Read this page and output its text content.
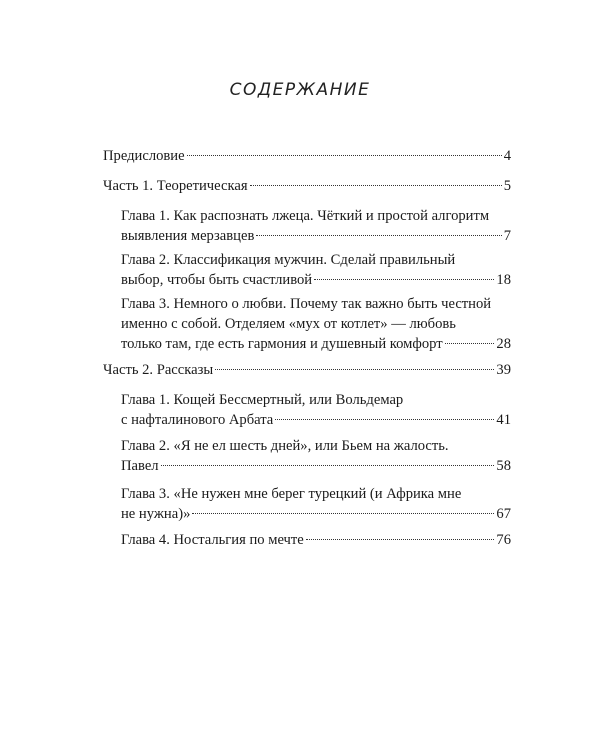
СОДЕРЖАНИЕ
Предисловие	4
Часть 1. Теоретическая	5
Глава 1. Как распознать лжеца. Чёткий и простой алгоритм
выявления мерзавцев	7
Глава 2. Классификация мужчин. Сделай правильный
выбор, чтобы быть счастливой	18
Глава 3. Немного о любви. Почему так важно быть честной
именно с собой. Отделяем «мух от котлет» — любовь
только там, где есть гармония и душевный комфорт	28
Часть 2. Рассказы	39
Глава 1. Кощей Бессмертный, или Вольдемар
с нафталинового Арбата	41
Глава 2. «Я не ел шесть дней», или Бьем на жалость.
Павел	58
Глава 3. «Не нужен мне берег турецкий (и Африка мне
не нужна)»	67
Глава 4. Ностальгия по мечте	76
